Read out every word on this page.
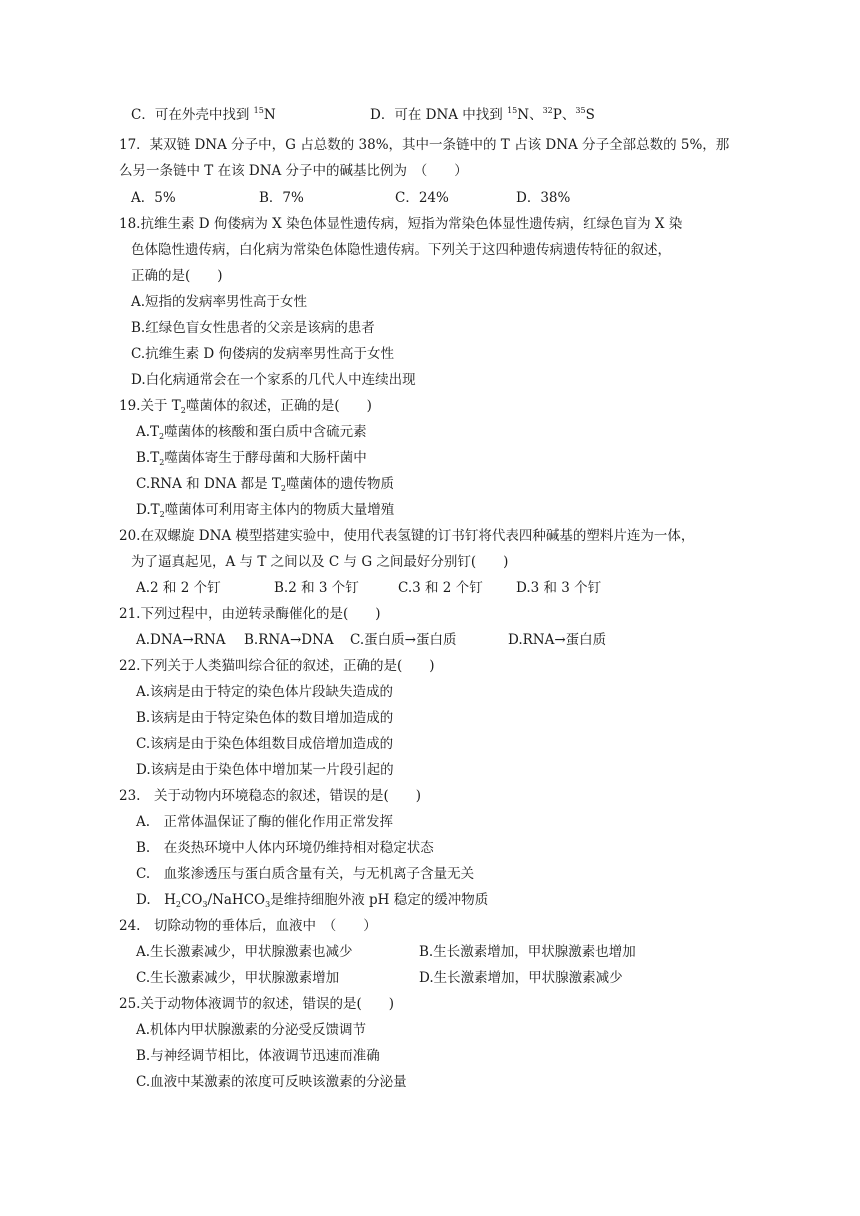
C．可在外壳中找到 $^{15}$N	D．可在 DNA 中找到 $^{15}$N、$^{32}$P、$^{35}$S
17．某双链 DNA 分子中，G 占总数的 38%，其中一条链中的 T 占该 DNA 分子全部总数的 5%，那
么另一条链中 T 在该 DNA 分子中的碱基比例为　（　　）
A．5%	B．7%	C．24%	D．38%
18.抗维生素 D 佝偻病为 X 染色体显性遗传病，短指为常染色体显性遗传病，红绿色盲为 X 染
色体隐性遗传病，白化病为常染色体隐性遗传病。下列关于这四种遗传病遗传特征的叙述，
正确的是(　　)
A.短指的发病率男性高于女性
B.红绿色盲女性患者的父亲是该病的患者
C.抗维生素 D 佝偻病的发病率男性高于女性
D.白化病通常会在一个家系的几代人中连续出现
19.关于 $T_2$噬菌体的叙述，正确的是(　　)
$A.T_2$噬菌体的核酸和蛋白质中含硫元素
$B.T_2$噬菌体寄生于酵母菌和大肠杆菌中
C.RNA 和 DNA 都是 $T_2$噬菌体的遗传物质
$D.T_2$噬菌体可利用寄主体内的物质大量增殖
20.在双螺旋 DNA 模型搭建实验中，使用代表氢键的订书钉将代表四种碱基的塑料片连为一体，
为了逼真起见，A 与 T 之间以及 C 与 G 之间最好分别钉(　　)
A.2 和 2 个钉	B.2 和 3 个钉	C.3 和 2 个钉 D.3 和 3 个钉
21.下列过程中，由逆转录酶催化的是(　　)
A.DNA→RNA B.RNA→DNA C.蛋白质→蛋白质	D.RNA→蛋白质
22.下列关于人类猫叫综合征的叙述，正确的是(　　)
A.该病是由于特定的染色体片段缺失造成的
B.该病是由于特定染色体的数目增加造成的
C.该病是由于染色体组数目成倍增加造成的
D.该病是由于染色体中增加某一片段引起的
23.　关于动物内环境稳态的叙述，错误的是(　　)
A.　正常体温保证了酶的催化作用正常发挥
B.　在炎热环境中人体内环境仍维持相对稳定状态
C.　血浆渗透压与蛋白质含量有关，与无机离子含量无关
D.　$H_2CO_3/NaHCO_3$是维持细胞外液 pH 稳定的缓冲物质
24.　切除动物的垂体后，血液中　（　　）
A.生长激素减少，甲状腺激素也减少	B.生长激素增加，甲状腺激素也增加
C.生长激素减少，甲状腺激素增加	D.生长激素增加，甲状腺激素减少
25.关于动物体液调节的叙述，错误的是(　　)
A.机体内甲状腺激素的分泌受反馈调节
B.与神经调节相比，体液调节迅速而准确
C.血液中某激素的浓度可反映该激素的分泌量
